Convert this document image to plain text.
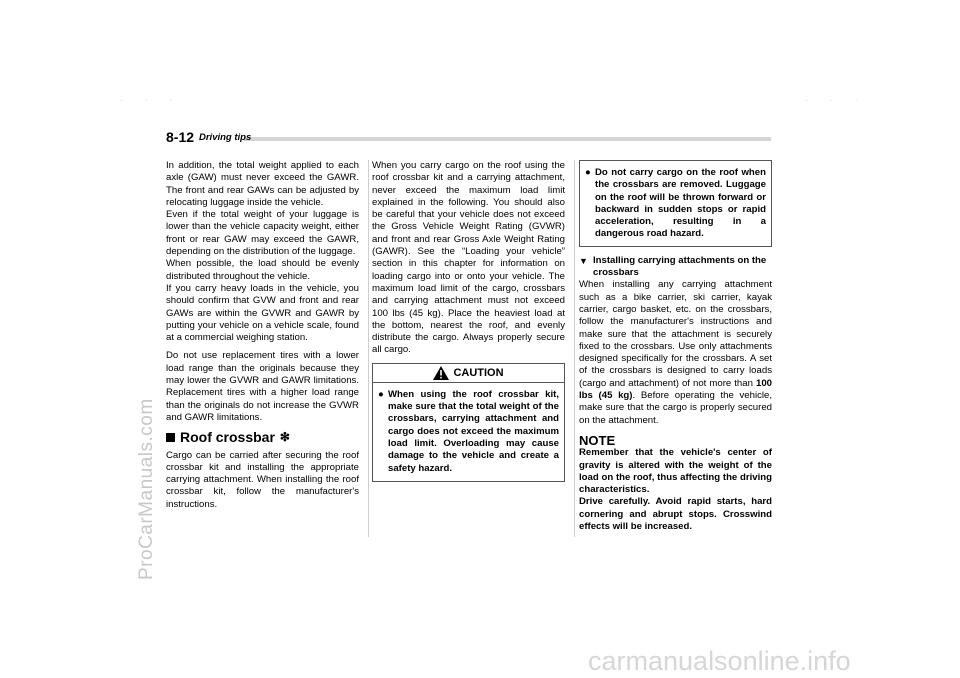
ProCarManuals.com
carmanualsonline.info
· · ·	· · ·
8-12 Driving tips

In addition, the total weight applied to each axle (GAW) must never exceed the GAWR. The front and rear GAWs can be adjusted by relocating luggage inside the vehicle.

Even if the total weight of your luggage is lower than the vehicle capacity weight, either front or rear GAW may exceed the GAWR, depending on the distribution of the luggage.

When possible, the load should be evenly distributed throughout the vehicle.

If you carry heavy loads in the vehicle, you should confirm that GVW and front and rear GAWs are within the GVWR and GAWR by putting your vehicle on a vehicle scale, found at a commercial weighing station.

Do not use replacement tires with a lower load range than the originals because they may lower the GVWR and GAWR limitations. Replacement tires with a higher load range than the originals do not increase the GVWR and GAWR limitations.

Roof crossbar ❇

Cargo can be carried after securing the roof crossbar kit and installing the appropriate carrying attachment. When installing the roof crossbar kit, follow the manufacturer's instructions.

When you carry cargo on the roof using the roof crossbar kit and a carrying attachment, never exceed the maximum load limit explained in the following. You should also be careful that your vehicle does not exceed the Gross Vehicle Weight Rating (GVWR) and front and rear Gross Axle Weight Rating (GAWR). See the “Loading your vehicle” section in this chapter for information on loading cargo into or onto your vehicle. The maximum load limit of the cargo, crossbars and carrying attachment must not exceed 100 lbs (45 kg). Place the heaviest load at the bottom, nearest the roof, and evenly distribute the cargo. Always properly secure all cargo.

CAUTION
● When using the roof crossbar kit, make sure that the total weight of the crossbars, carrying attachment and cargo does not exceed the maximum load limit. Overloading may cause damage to the vehicle and create a safety hazard.
● Do not carry cargo on the roof when the crossbars are removed. Luggage on the roof will be thrown forward or backward in sudden stops or rapid acceleration, resulting in a dangerous road hazard.
▼ Installing carrying attachments on the crossbars

When installing any carrying attachment such as a bike carrier, ski carrier, kayak carrier, cargo basket, etc. on the crossbars, follow the manufacturer's instructions and make sure that the attachment is securely fixed to the crossbars. Use only attachments designed specifically for the crossbars. A set of the crossbars is designed to carry loads (cargo and attachment) of not more than 100 lbs (45 kg). Before operating the vehicle, make sure that the cargo is properly secured on the attachment.

NOTE

Remember that the vehicle's center of gravity is altered with the weight of the load on the roof, thus affecting the driving characteristics.

Drive carefully. Avoid rapid starts, hard cornering and abrupt stops. Crosswind effects will be increased.
